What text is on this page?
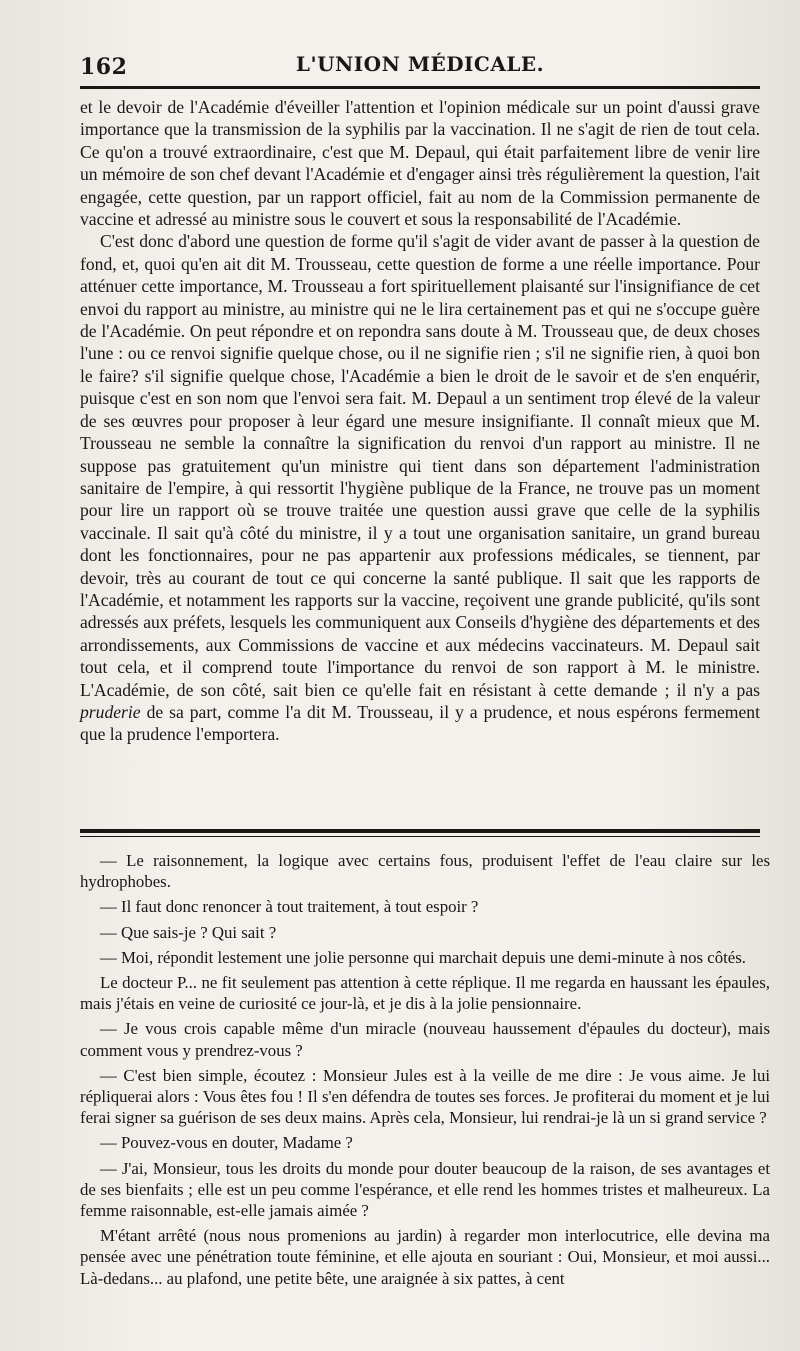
162	L'UNION MÉDICALE.

et le devoir de l'Académie d'éveiller l'attention et l'opinion médicale sur un point d'aussi grave importance que la transmission de la syphilis par la vaccination. Il ne s'agit de rien de tout cela. Ce qu'on a trouvé extraordinaire, c'est que M. Depaul, qui était parfaitement libre de venir lire un mémoire de son chef devant l'Académie et d'engager ainsi très régulièrement la question, l'ait engagée, cette question, par un rapport officiel, fait au nom de la Commission permanente de vaccine et adressé au ministre sous le couvert et sous la responsabilité de l'Académie.

C'est donc d'abord une question de forme qu'il s'agit de vider avant de passer à la question de fond, et, quoi qu'en ait dit M. Trousseau, cette question de forme a une réelle importance. Pour atténuer cette importance, M. Trousseau a fort spirituellement plaisanté sur l'insignifiance de cet envoi du rapport au ministre, au ministre qui ne le lira certainement pas et qui ne s'occupe guère de l'Académie. On peut répondre et on repondra sans doute à M. Trousseau que, de deux choses l'une : ou ce renvoi signifie quelque chose, ou il ne signifie rien ; s'il ne signifie rien, à quoi bon le faire? s'il signifie quelque chose, l'Académie a bien le droit de le savoir et de s'en enquérir, puisque c'est en son nom que l'envoi sera fait. M. Depaul a un sentiment trop élevé de la valeur de ses œuvres pour proposer à leur égard une mesure insignifiante. Il connaît mieux que M. Trousseau ne semble la connaître la signification du renvoi d'un rapport au ministre. Il ne suppose pas gratuitement qu'un ministre qui tient dans son département l'administration sanitaire de l'empire, à qui ressortit l'hygiène publique de la France, ne trouve pas un moment pour lire un rapport où se trouve traitée une question aussi grave que celle de la syphilis vaccinale. Il sait qu'à côté du ministre, il y a tout une organisation sanitaire, un grand bureau dont les fonctionnaires, pour ne pas appartenir aux professions médicales, se tiennent, par devoir, très au courant de tout ce qui concerne la santé publique. Il sait que les rapports de l'Académie, et notamment les rapports sur la vaccine, reçoivent une grande publicité, qu'ils sont adressés aux préfets, lesquels les communiquent aux Conseils d'hygiène des départements et des arrondissements, aux Commissions de vaccine et aux médecins vaccinateurs. M. Depaul sait tout cela, et il comprend toute l'importance du renvoi de son rapport à M. le ministre. L'Académie, de son côté, sait bien ce qu'elle fait en résistant à cette demande ; il n'y a pas pruderie de sa part, comme l'a dit M. Trousseau, il y a prudence, et nous espérons fermement que la prudence l'emportera.

— Le raisonnement, la logique avec certains fous, produisent l'effet de l'eau claire sur les hydrophobes.

— Il faut donc renoncer à tout traitement, à tout espoir ?

— Que sais-je ? Qui sait ?

— Moi, répondit lestement une jolie personne qui marchait depuis une demi-minute à nos côtés.

Le docteur P... ne fit seulement pas attention à cette réplique. Il me regarda en haussant les épaules, mais j'étais en veine de curiosité ce jour-là, et je dis à la jolie pensionnaire.

— Je vous crois capable même d'un miracle (nouveau haussement d'épaules du docteur), mais comment vous y prendrez-vous ?

— C'est bien simple, écoutez : Monsieur Jules est à la veille de me dire : Je vous aime. Je lui répliquerai alors : Vous êtes fou ! Il s'en défendra de toutes ses forces. Je profiterai du moment et je lui ferai signer sa guérison de ses deux mains. Après cela, Monsieur, lui rendrai-je là un si grand service ?

— Pouvez-vous en douter, Madame ?

— J'ai, Monsieur, tous les droits du monde pour douter beaucoup de la raison, de ses avantages et de ses bienfaits ; elle est un peu comme l'espérance, et elle rend les hommes tristes et malheureux. La femme raisonnable, est-elle jamais aimée ?

M'étant arrêté (nous nous promenions au jardin) à regarder mon interlocutrice, elle devina ma pensée avec une pénétration toute féminine, et elle ajouta en souriant : Oui, Monsieur, et moi aussi... Là-dedans... au plafond, une petite bête, une araignée à six pattes, à cent
